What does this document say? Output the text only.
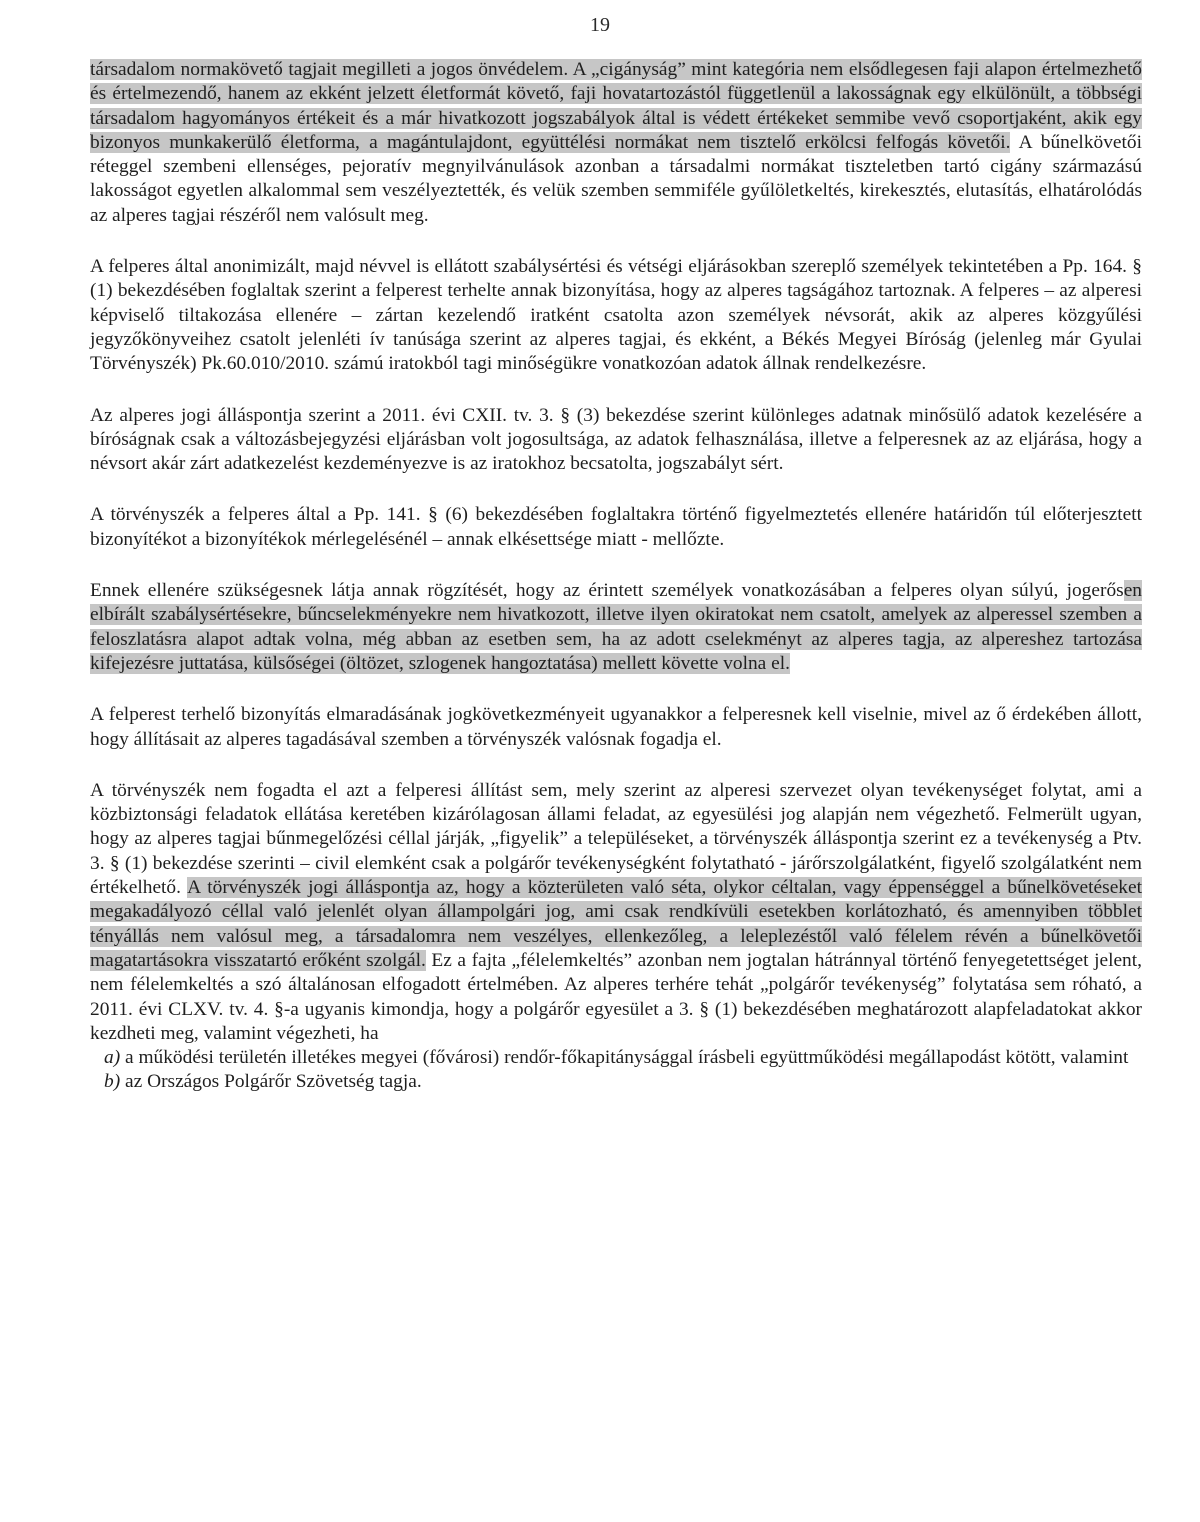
19

társadalom normakövető tagjait megilleti a jogos önvédelem. A „cigányság” mint kategória nem elsődlegesen faji alapon értelmezhető és értelmezendő, hanem az ekként jelzett életformát követő, faji hovatartozástól függetlenül a lakosságnak egy elkülönült, a többségi társadalom hagyományos értékeit és a már hivatkozott jogszabályok által is védett értékeket semmibe vevő csoportjaként, akik egy bizonyos munkakerülő életforma, a magántulajdont, együttélési normákat nem tisztelő erkölcsi felfogás követői. A bűnelkövetői réteggel szembeni ellenséges, pejoratív megnyilvánulások azonban a társadalmi normákat tiszteletben tartó cigány származású lakosságot egyetlen alkalommal sem veszélyeztették, és velük szemben semmiféle gyűlöletkeltés, kirekesztés, elutasítás, elhatárolódás az alperes tagjai részéről nem valósult meg.

A felperes által anonimizált, majd névvel is ellátott szabálysértési és vétségi eljárásokban szereplő személyek tekintetében a Pp. 164. § (1) bekezdésében foglaltak szerint a felperest terhelte annak bizonyítása, hogy az alperes tagságához tartoznak. A felperes – az alperesi képviselő tiltakozása ellenére – zártan kezelendő iratként csatolta azon személyek névsorát, akik az alperes közgyűlési jegyzőkönyveihez csatolt jelenléti ív tanúsága szerint az alperes tagjai, és ekként, a Békés Megyei Bíróság (jelenleg már Gyulai Törvényszék) Pk.60.010/2010. számú iratokból tagi minőségükre vonatkozóan adatok állnak rendelkezésre.

Az alperes jogi álláspontja szerint a 2011. évi CXII. tv. 3. § (3) bekezdése szerint különleges adatnak minősülő adatok kezelésére a bíróságnak csak a változásbejegyzési eljárásban volt jogosultsága, az adatok felhasználása, illetve a felperesnek az az eljárása, hogy a névsort akár zárt adatkezelést kezdeményezve is az iratokhoz becsatolta, jogszabályt sért.

A törvényszék a felperes által a Pp. 141. § (6) bekezdésében foglaltakra történő figyelmeztetés ellenére határidőn túl előterjesztett bizonyítékot a bizonyítékok mérlegelésénél – annak elkésettsége miatt - mellőzte.

Ennek ellenére szükségesnek látja annak rögzítését, hogy az érintett személyek vonatkozásában a felperes olyan súlyú, jogerősen elbírált szabálysértésekre, bűncselekményekre nem hivatkozott, illetve ilyen okiratokat nem csatolt, amelyek az alperessel szemben a feloszlatásra alapot adtak volna, még abban az esetben sem, ha az adott cselekményt az alperes tagja, az alpereshez tartozása kifejezésre juttatása, külsőségei (öltözet, szlogenek hangoztatása) mellett követte volna el.

A felperest terhelő bizonyítás elmaradásának jogkövetkezményeit ugyanakkor a felperesnek kell viselnie, mivel az ő érdekében állott, hogy állításait az alperes tagadásával szemben a törvényszék valósnak fogadja el.

A törvényszék nem fogadta el azt a felperesi állítást sem, mely szerint az alperesi szervezet olyan tevékenységet folytat, ami a közbiztonsági feladatok ellátása keretében kizárólagosan állami feladat, az egyesülési jog alapján nem végezhető. Felmerült ugyan, hogy az alperes tagjai bűnmegelőzési céllal járják, „figyelik” a településeket, a törvényszék álláspontja szerint ez a tevékenység a Ptv. 3. § (1) bekezdése szerinti – civil elemként csak a polgárőr tevékenységként folytatható - járőrszolgálatként, figyelő szolgálatként nem értékelhető. A törvényszék jogi álláspontja az, hogy a közterületen való séta, olykor céltalan, vagy éppenséggel a bűnelkövetéseket megakadályozó céllal való jelenlét olyan állampolgári jog, ami csak rendkívüli esetekben korlátozható, és amennyiben többlet tényállás nem valósul meg, a társadalomra nem veszélyes, ellenkezőleg, a leleplezéstől való félelem révén a bűnelkövetői magatartásokra visszatartó erőként szolgál. Ez a fajta „félelemkeltés” azonban nem jogtalan hátránnyal történő fenyegetettséget jelent, nem félelemkeltés a szó általánosan elfogadott értelmében. Az alperes terhére tehát „polgárőr tevékenység” folytatása sem róható, a 2011. évi CLXV. tv. 4. §-a ugyanis kimondja, hogy a polgárőr egyesület a 3. § (1) bekezdésében meghatározott alapfeladatokat akkor kezdheti meg, valamint végezheti, ha

a) a működési területén illetékes megyei (fővárosi) rendőr-főkapitánysággal írásbeli együttműködési megállapodást kötött, valamint
b) az Országos Polgárőr Szövetség tagja.
